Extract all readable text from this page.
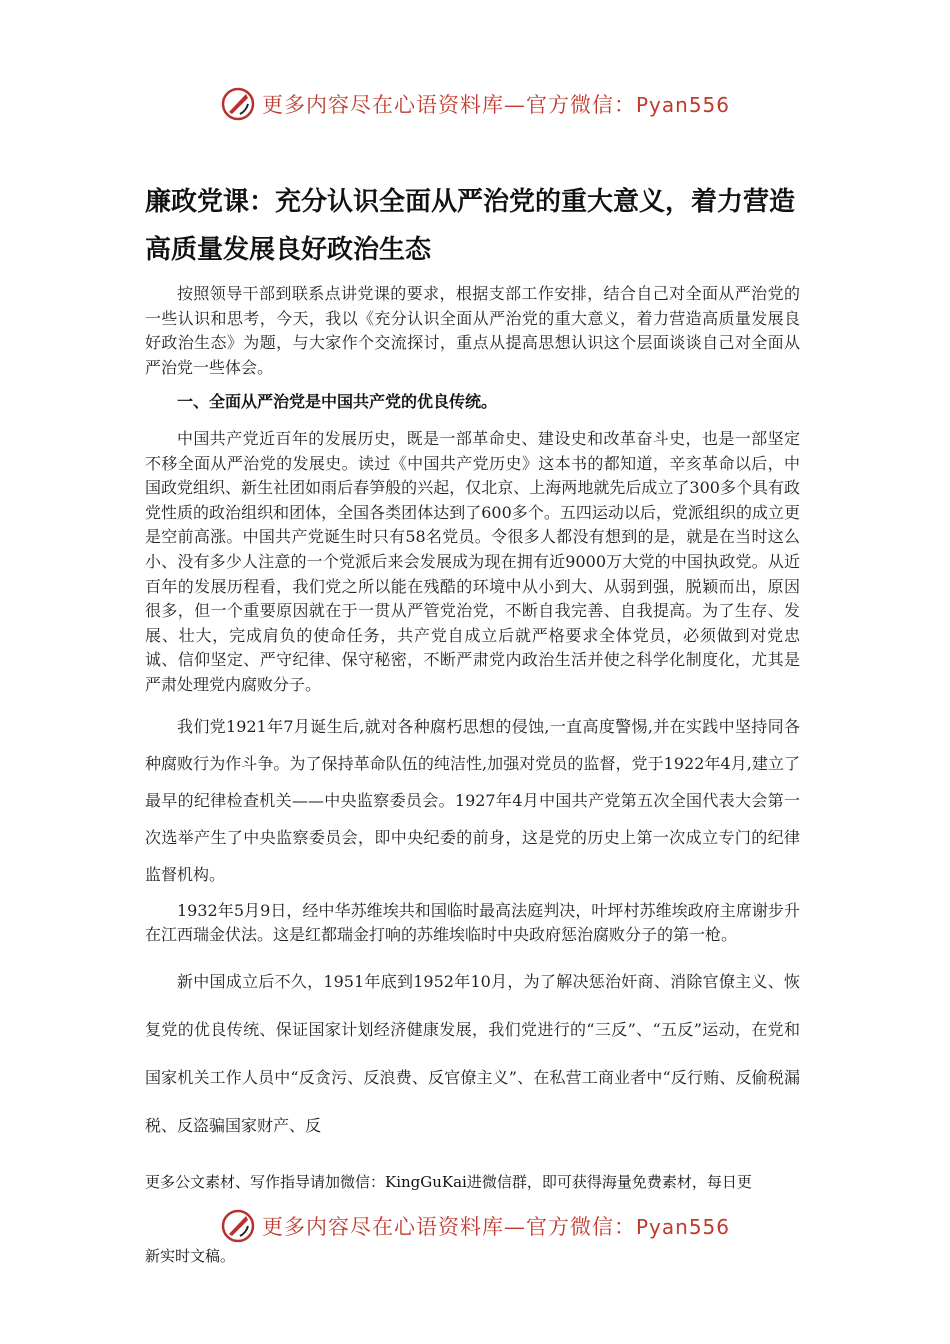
更多内容尽在心语资料库—官方微信：Pyan556
廉政党课：充分认识全面从严治党的重大意义，着力营造高质量发展良好政治生态

按照领导干部到联系点讲党课的要求，根据支部工作安排，结合自己对全面从严治党的一些认识和思考，今天，我以《充分认识全面从严治党的重大意义，着力营造高质量发展良好政治生态》为题，与大家作个交流探讨，重点从提高思想认识这个层面谈谈自己对全面从严治党一些体会。

一、全面从严治党是中国共产党的优良传统。

中国共产党近百年的发展历史，既是一部革命史、建设史和改革奋斗史，也是一部坚定不移全面从严治党的发展史。读过《中国共产党历史》这本书的都知道，辛亥革命以后，中国政党组织、新生社团如雨后春笋般的兴起，仅北京、上海两地就先后成立了300多个具有政党性质的政治组织和团体，全国各类团体达到了600多个。五四运动以后，党派组织的成立更是空前高涨。中国共产党诞生时只有58名党员。令很多人都没有想到的是，就是在当时这么小、没有多少人注意的一个党派后来会发展成为现在拥有近9000万大党的中国执政党。从近百年的发展历程看，我们党之所以能在残酷的环境中从小到大、从弱到强，脱颖而出，原因很多，但一个重要原因就在于一贯从严管党治党，不断自我完善、自我提高。为了生存、发展、壮大，完成肩负的使命任务，共产党自成立后就严格要求全体党员，必须做到对党忠诚、信仰坚定、严守纪律、保守秘密，不断严肃党内政治生活并使之科学化制度化，尤其是严肃处理党内腐败分子。

我们党1921年7月诞生后,就对各种腐朽思想的侵蚀,一直高度警惕,并在实践中坚持同各种腐败行为作斗争。为了保持革命队伍的纯洁性,加强对党员的监督，党于1922年4月,建立了最早的纪律检查机关——中央监察委员会。1927年4月中国共产党第五次全国代表大会第一次选举产生了中央监察委员会，即中央纪委的前身，这是党的历史上第一次成立专门的纪律监督机构。

1932年5月9日，经中华苏维埃共和国临时最高法庭判决，叶坪村苏维埃政府主席谢步升在江西瑞金伏法。这是红都瑞金打响的苏维埃临时中央政府惩治腐败分子的第一枪。

新中国成立后不久，1951年底到1952年10月，为了解决惩治奸商、消除官僚主义、恢复党的优良传统、保证国家计划经济健康发展，我们党进行的“三反”、“五反”运动，在党和国家机关工作人员中“反贪污、反浪费、反官僚主义”、在私营工商业者中“反行贿、反偷税漏税、反盗骗国家财产、反

更多公文素材、写作指导请加微信：KingGuKai进微信群，即可获得海量免费素材，每日更
更多内容尽在心语资料库—官方微信：Pyan556
新实时文稿。
